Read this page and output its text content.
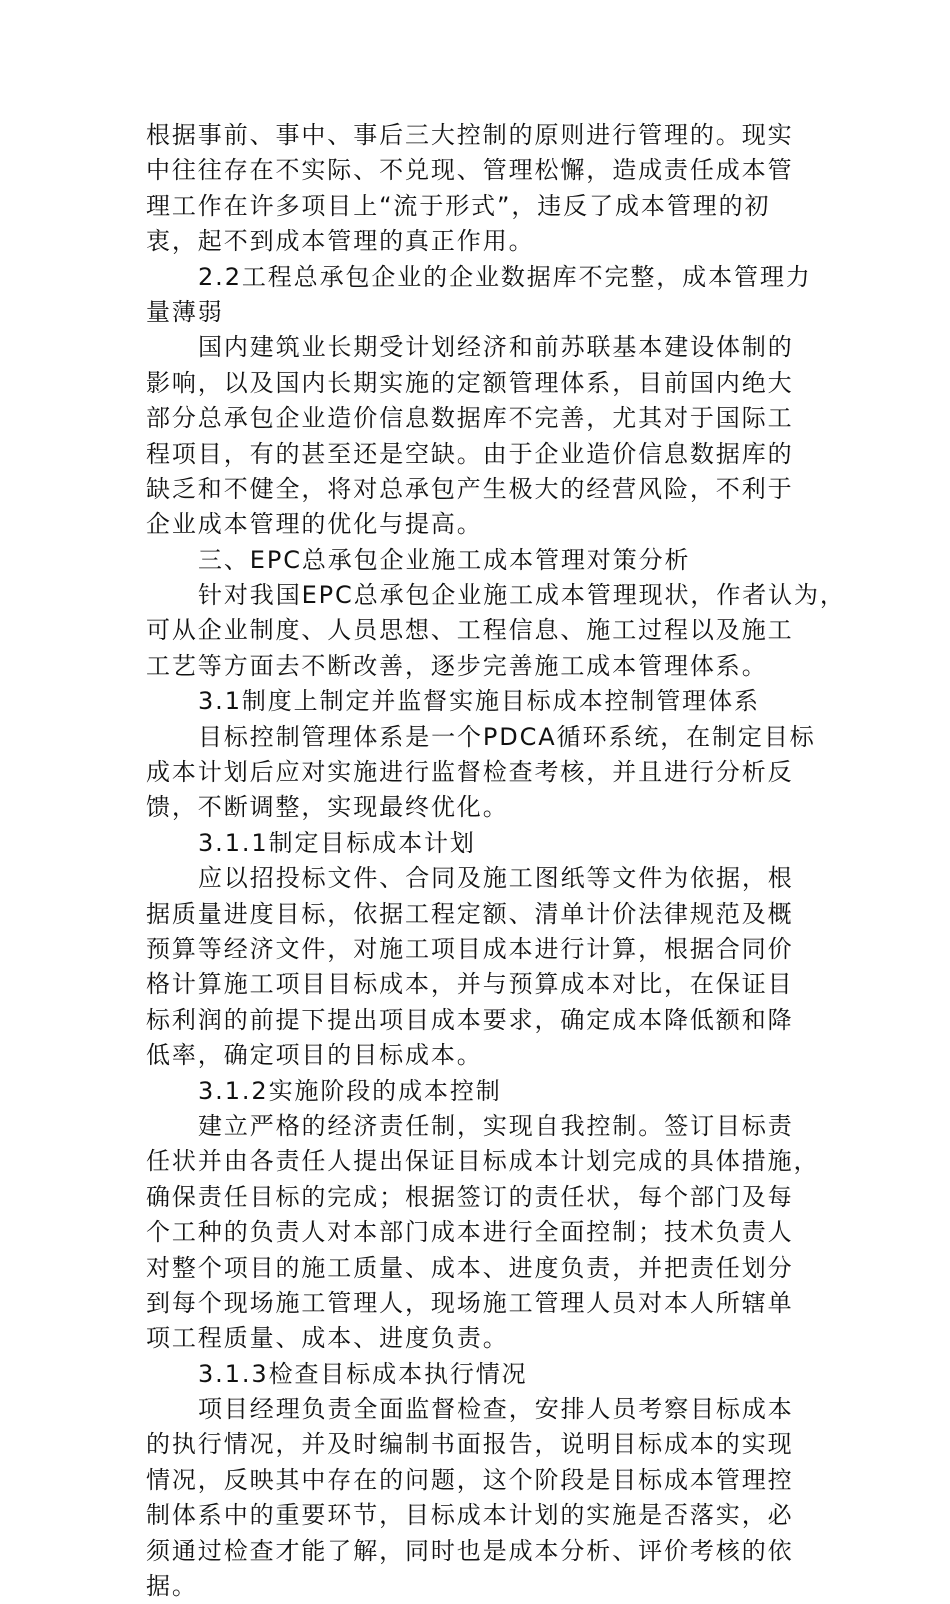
根据事前、事中、事后三大控制的原则进行管理的。现实
中往往存在不实际、不兑现、管理松懈，造成责任成本管
理工作在许多项目上“流于形式”，违反了成本管理的初
衷，起不到成本管理的真正作用。
2.2工程总承包企业的企业数据库不完整，成本管理力
量薄弱
国内建筑业长期受计划经济和前苏联基本建设体制的
影响，以及国内长期实施的定额管理体系，目前国内绝大
部分总承包企业造价信息数据库不完善，尤其对于国际工
程项目，有的甚至还是空缺。由于企业造价信息数据库的
缺乏和不健全，将对总承包产生极大的经营风险，不利于
企业成本管理的优化与提高。
三、EPC总承包企业施工成本管理对策分析
针对我国EPC总承包企业施工成本管理现状，作者认为，
可从企业制度、人员思想、工程信息、施工过程以及施工
工艺等方面去不断改善，逐步完善施工成本管理体系。
3.1制度上制定并监督实施目标成本控制管理体系
目标控制管理体系是一个PDCA循环系统，在制定目标
成本计划后应对实施进行监督检查考核，并且进行分析反
馈，不断调整，实现最终优化。
3.1.1制定目标成本计划
应以招投标文件、合同及施工图纸等文件为依据，根
据质量进度目标，依据工程定额、清单计价法律规范及概
预算等经济文件，对施工项目成本进行计算，根据合同价
格计算施工项目目标成本，并与预算成本对比，在保证目
标利润的前提下提出项目成本要求，确定成本降低额和降
低率，确定项目的目标成本。
3.1.2实施阶段的成本控制
建立严格的经济责任制，实现自我控制。签订目标责
任状并由各责任人提出保证目标成本计划完成的具体措施，
确保责任目标的完成；根据签订的责任状，每个部门及每
个工种的负责人对本部门成本进行全面控制；技术负责人
对整个项目的施工质量、成本、进度负责，并把责任划分
到每个现场施工管理人，现场施工管理人员对本人所辖单
项工程质量、成本、进度负责。
3.1.3检查目标成本执行情况
项目经理负责全面监督检查，安排人员考察目标成本
的执行情况，并及时编制书面报告，说明目标成本的实现
情况，反映其中存在的问题，这个阶段是目标成本管理控
制体系中的重要环节，目标成本计划的实施是否落实，必
须通过检查才能了解，同时也是成本分析、评价考核的依
据。
